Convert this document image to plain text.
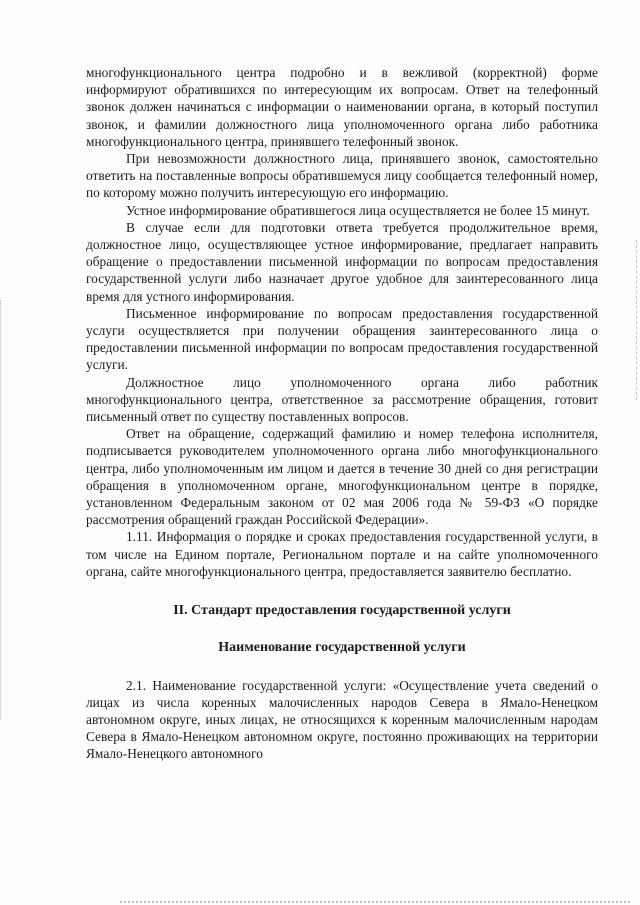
многофункционального центра подробно и в вежливой (корректной) форме информируют обратившихся по интересующим их вопросам. Ответ на телефонный звонок должен начинаться с информации о наименовании органа, в который поступил звонок, и фамилии должностного лица уполномоченного органа либо работника многофункционального центра, принявшего телефонный звонок.

При невозможности должностного лица, принявшего звонок, самостоятельно ответить на поставленные вопросы обратившемуся лицу сообщается телефонный номер, по которому можно получить интересующую его информацию.

Устное информирование обратившегося лица осуществляется не более 15 минут.

В случае если для подготовки ответа требуется продолжительное время, должностное лицо, осуществляющее устное информирование, предлагает направить обращение о предоставлении письменной информации по вопросам предоставления государственной услуги либо назначает другое удобное для заинтересованного лица время для устного информирования.

Письменное информирование по вопросам предоставления государственной услуги осуществляется при получении обращения заинтересованного лица о предоставлении письменной информации по вопросам предоставления государственной услуги.

Должностное лицо уполномоченного органа либо работник многофункционального центра, ответственное за рассмотрение обращения, готовит письменный ответ по существу поставленных вопросов.

Ответ на обращение, содержащий фамилию и номер телефона исполнителя, подписывается руководителем уполномоченного органа либо многофункционального центра, либо уполномоченным им лицом и дается в течение 30 дней со дня регистрации обращения в уполномоченном органе, многофункциональном центре в порядке, установленном Федеральным законом от 02 мая 2006 года № 59-ФЗ «О порядке рассмотрения обращений граждан Российской Федерации».

1.11. Информация о порядке и сроках предоставления государственной услуги, в том числе на Едином портале, Региональном портале и на сайте уполномоченного органа, сайте многофункционального центра, предоставляется заявителю бесплатно.

II. Стандарт предоставления государственной услуги

Наименование государственной услуги

2.1. Наименование государственной услуги: «Осуществление учета сведений о лицах из числа коренных малочисленных народов Севера в Ямало-Ненецком автономном округе, иных лицах, не относящихся к коренным малочисленным народам Севера в Ямало-Ненецком автономном округе, постоянно проживающих на территории Ямало-Ненецкого автономного
